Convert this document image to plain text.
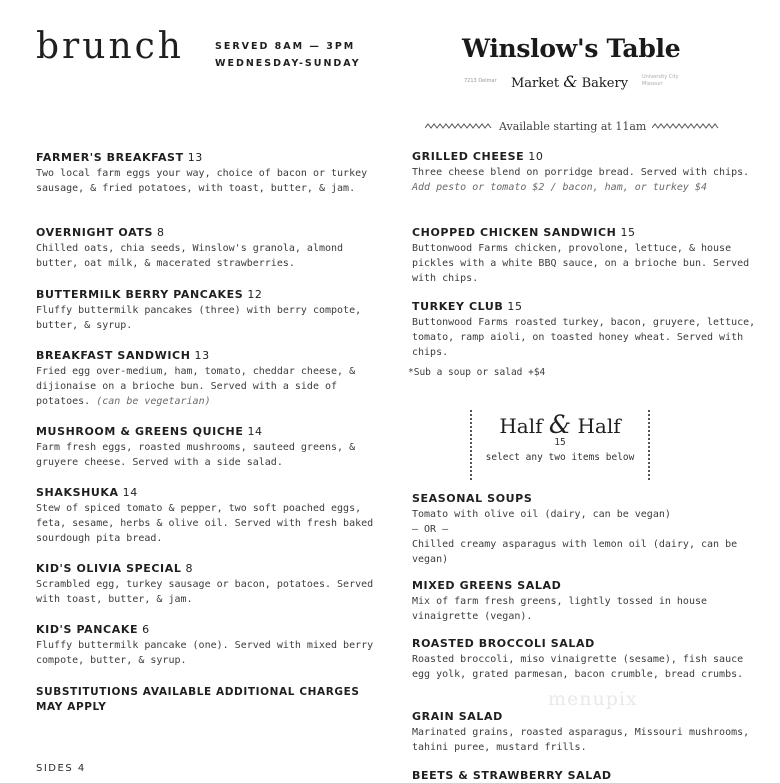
brunch	SERVED 8AM — 3PM
WEDNESDAY-SUNDAY
Winslow's Table
7213 Delmar Market & Bakery	University City Missouri
Available starting at 11am
FARMER'S BREAKFAST 13
Two local farm eggs your way, choice of bacon or turkey sausage, & fried potatoes, with toast, butter, & jam.
OVERNIGHT OATS 8
Chilled oats, chia seeds, Winslow's granola, almond butter, oat milk, & macerated strawberries.
BUTTERMILK BERRY PANCAKES 12
Fluffy buttermilk pancakes (three) with berry compote, butter, & syrup.
BREAKFAST SANDWICH 13
Fried egg over-medium, ham, tomato, cheddar cheese, & dijionaise on a brioche bun. Served with a side of potatoes. (can be vegetarian)
MUSHROOM & GREENS QUICHE 14
Farm fresh eggs, roasted mushrooms, sauteed greens, & gruyere cheese. Served with a side salad.
SHAKSHUKA 14
Stew of spiced tomato & pepper, two soft poached eggs, feta, sesame, herbs & olive oil. Served with fresh baked sourdough pita bread.
KID'S OLIVIA SPECIAL 8
Scrambled egg, turkey sausage or bacon, potatoes. Served with toast, butter, & jam.
KID'S PANCAKE 6
Fluffy buttermilk pancake (one). Served with mixed berry compote, butter, & syrup.
SUBSTITUTIONS AVAILABLE ADDITIONAL CHARGES MAY APPLY
SIDES 4
GRILLED CHEESE 10
Three cheese blend on porridge bread. Served with chips. Add pesto or tomato $2 / bacon, ham, or turkey $4
CHOPPED CHICKEN SANDWICH 15
Buttonwood Farms chicken, provolone, lettuce, & house pickles with a white BBQ sauce, on a brioche bun. Served with chips.
TURKEY CLUB 15
Buttonwood Farms roasted turkey, bacon, gruyere, lettuce, tomato, ramp aioli, on toasted honey wheat. Served with chips.
*Sub a soup or salad +$4
Half & Half
15
select any two items below
SEASONAL SOUPS
Tomato with olive oil (dairy, can be vegan)
— OR —
Chilled creamy asparagus with lemon oil (dairy, can be vegan)
MIXED GREENS SALAD
Mix of farm fresh greens, lightly tossed in house vinaigrette (vegan).
ROASTED BROCCOLI SALAD
Roasted broccoli, miso vinaigrette (sesame), fish sauce egg yolk, grated parmesan, bacon crumble, bread crumbs.
GRAIN SALAD
Marinated grains, roasted asparagus, Missouri mushrooms, tahini puree, mustard frills.
BEETS & STRAWBERRY SALAD
menupix
